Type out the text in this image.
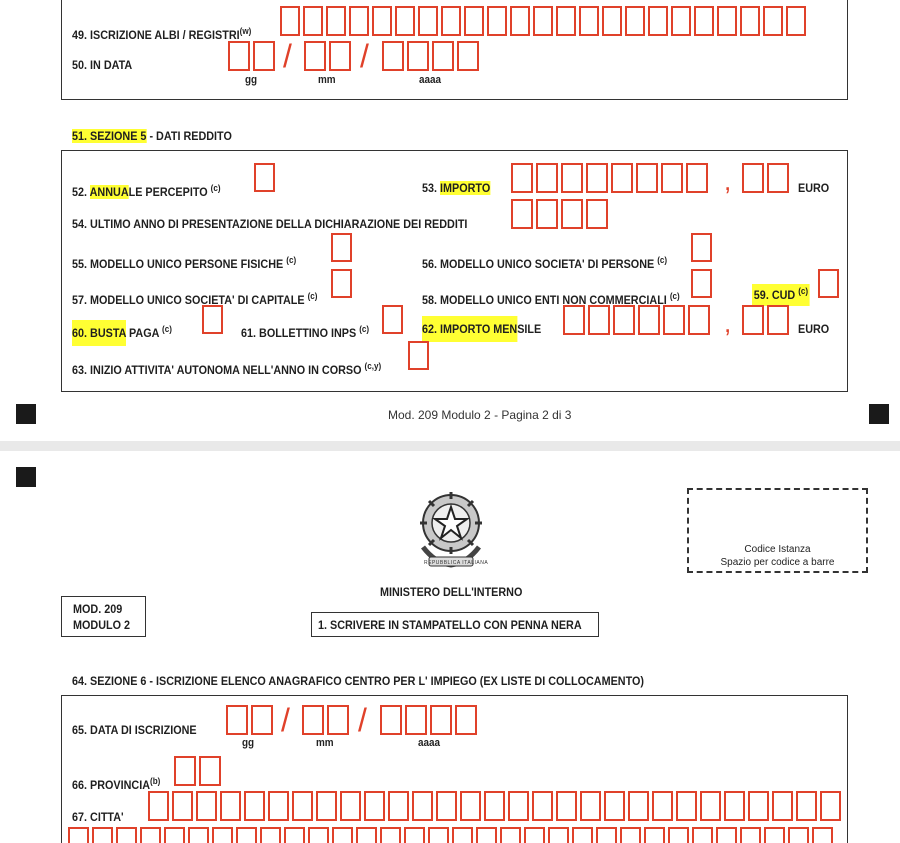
49. ISCRIZIONE ALBI / REGISTRI$^{(w)}$
50. IN DATA	/ /
gg	mm	aaaa
51. SEZIONE 5 - DATI REDDITO
52. ANNUALE PERCEPITO $^{(c)}$	53. IMPORTO	,	EURO
54. ULTIMO ANNO DI PRESENTAZIONE DELLA DICHIARAZIONE DEI REDDITI
55. MODELLO UNICO PERSONE FISICHE $^{(c)}$	56. MODELLO UNICO SOCIETA' DI PERSONE $^{(c)}$
57. MODELLO UNICO SOCIETA' DI CAPITALE $^{(c)}$	58. MODELLO UNICO ENTI NON COMMERCIALI $^{(c)}$	59. CUD $^{(c)}$
60. BUSTA PAGA $^{(c)}$	61. BOLLETTINO INPS $^{(c)}$	62. IMPORTO MENSILE	,	EURO
63. INIZIO ATTIVITA' AUTONOMA NELL'ANNO IN CORSO $^{(c,y)}$
Mod. 209 Modulo 2 - Pagina 2 di 3
REPUBBLICA ITALIANA
Codice Istanza
Spazio per codice a barre
MINISTERO DELL'INTERNO
MOD. 209
MODULO 2	1. SCRIVERE IN STAMPATELLO CON PENNA NERA
64. SEZIONE 6 - ISCRIZIONE ELENCO ANAGRAFICO CENTRO PER L' IMPIEGO (EX LISTE DI COLLOCAMENTO)
65. DATA DI ISCRIZIONE	/ /
gg	mm	aaaa
66. PROVINCIA$^{(b)}$
67. CITTA'
